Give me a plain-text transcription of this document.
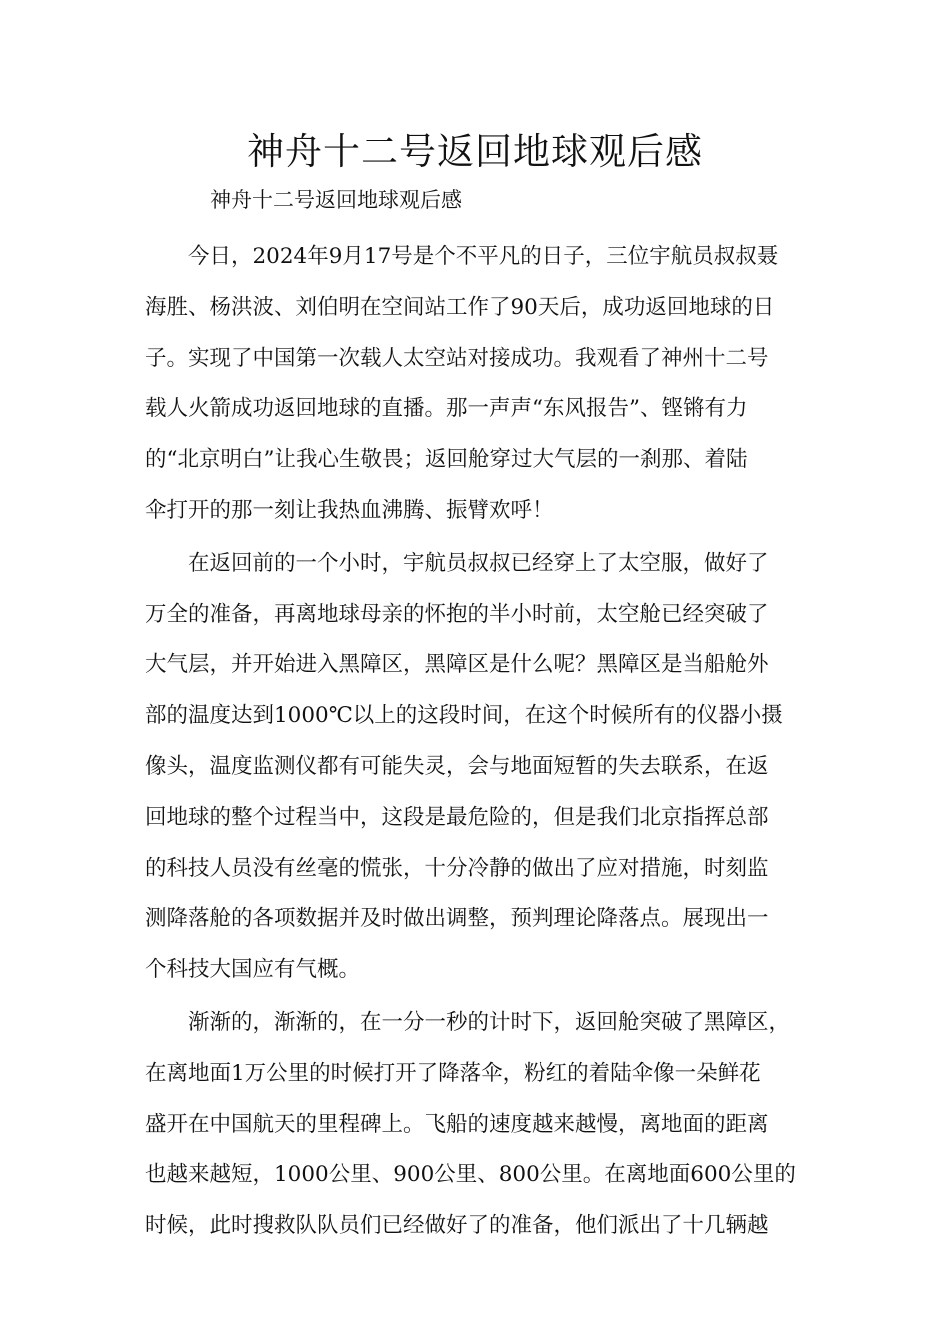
神舟十二号返回地球观后感

神舟十二号返回地球观后感

今日，2024年9月17号是个不平凡的日子，三位宇航员叔叔聂
海胜、杨洪波、刘伯明在空间站工作了90天后，成功返回地球的日
子。实现了中国第一次载人太空站对接成功。我观看了神州十二号
载人火箭成功返回地球的直播。那一声声“东风报告”、铿锵有力
的“北京明白”让我心生敬畏；返回舱穿过大气层的一刹那、着陆
伞打开的那一刻让我热血沸腾、振臂欢呼！

在返回前的一个小时，宇航员叔叔已经穿上了太空服，做好了
万全的准备，再离地球母亲的怀抱的半小时前，太空舱已经突破了
大气层，并开始进入黑障区，黑障区是什么呢？黑障区是当船舱外
部的温度达到1000℃以上的这段时间，在这个时候所有的仪器小摄
像头，温度监测仪都有可能失灵，会与地面短暂的失去联系，在返
回地球的整个过程当中，这段是最危险的，但是我们北京指挥总部
的科技人员没有丝毫的慌张，十分冷静的做出了应对措施，时刻监
测降落舱的各项数据并及时做出调整，预判理论降落点。展现出一
个科技大国应有气概。

渐渐的，渐渐的，在一分一秒的计时下，返回舱突破了黑障区，
在离地面1万公里的时候打开了降落伞，粉红的着陆伞像一朵鲜花
盛开在中国航天的里程碑上。飞船的速度越来越慢，离地面的距离
也越来越短，1000公里、900公里、800公里。在离地面600公里的
时候，此时搜救队队员们已经做好了的准备，他们派出了十几辆越
